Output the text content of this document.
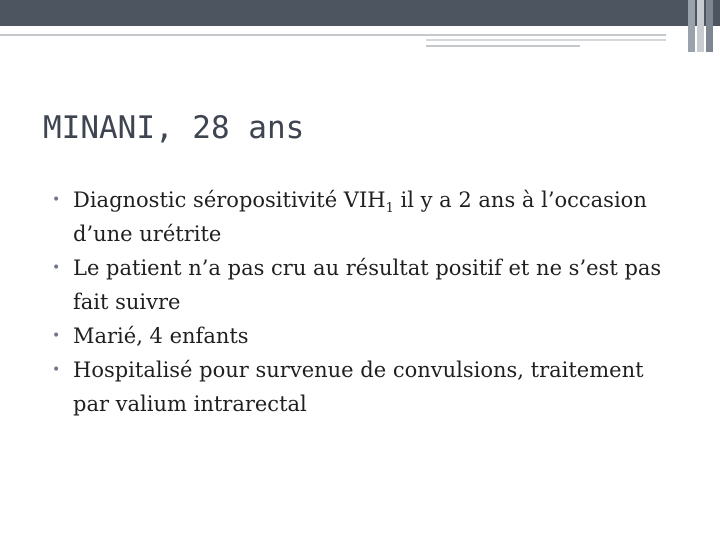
MINANI, 28 ans
• Diagnostic séropositivité $VIH_1$ il y a 2 ans à l’occasion d’une urétrite
• Le patient n’a pas cru au résultat positif et ne s’est pas fait suivre
• Marié, 4 enfants
• Hospitalisé pour survenue de convulsions, traitement par valium intrarectal
